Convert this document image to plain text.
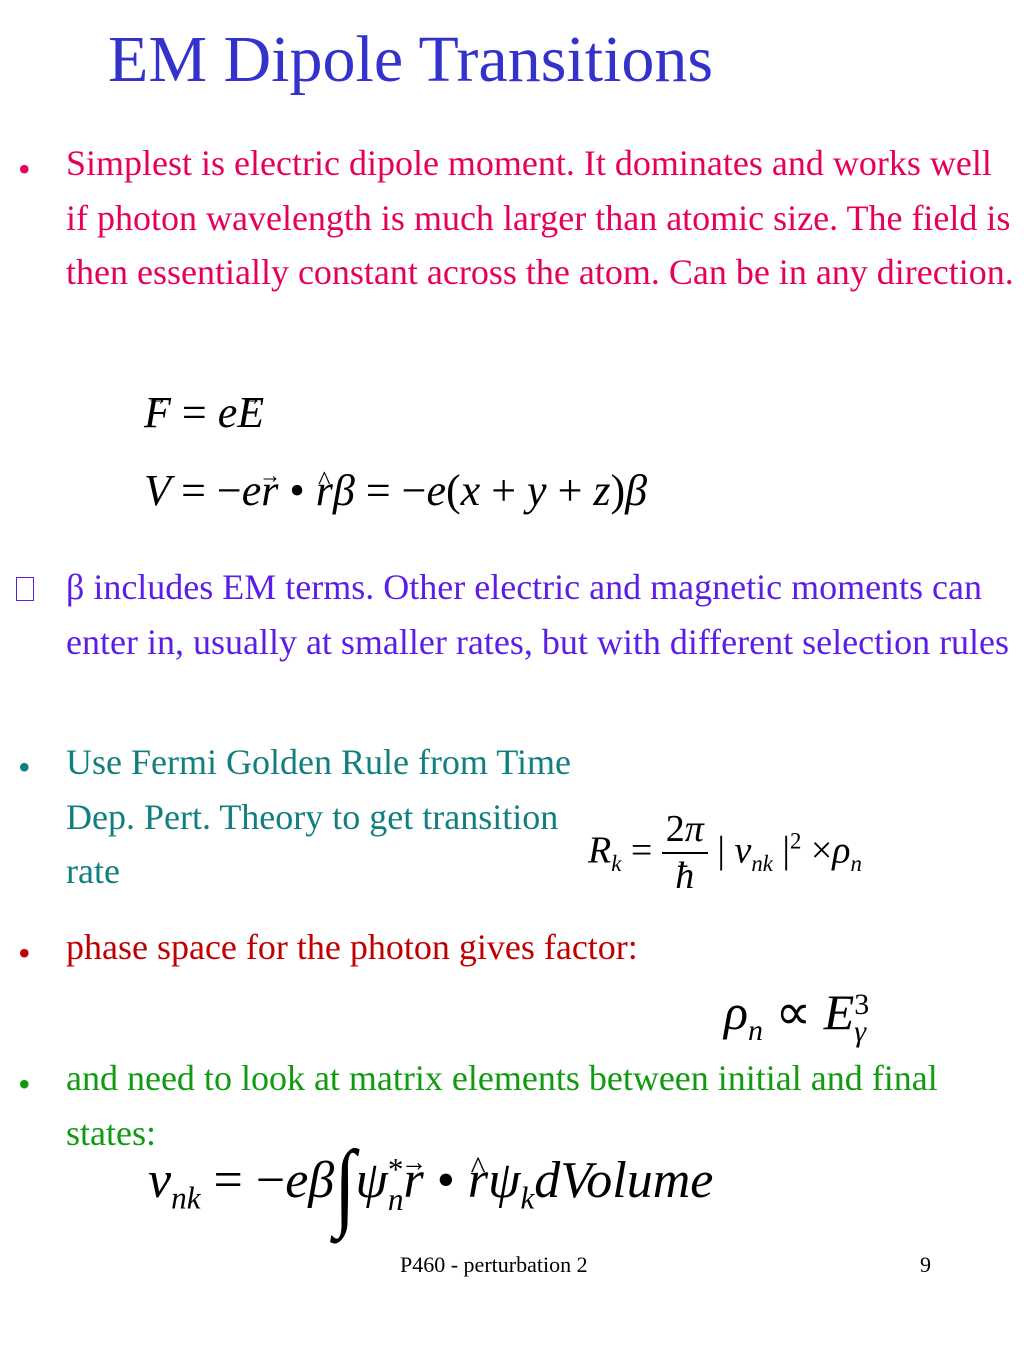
EM Dipole Transitions
• Simplest is electric dipole moment. It dominates and works well if photon wavelength is much larger than atomic size. The field is then essentially constant across the atom. Can be in any direction.
→ F = e→ E
V = −e→ r • ^ rβ = −e(x + y + z)β
β includes EM terms. Other electric and magnetic moments can enter in, usually at smaller rates, but with different selection rules
• Use Fermi Golden Rule from Time Dep. Pert. Theory to get transition rate	$R_k = \frac{2\pi}{ħ}$ | $v_{nk}$ $|^2 \times\rho_n$
• phase space for the photon gives factor:
$\rho_n \propto E$ 3
γ
• and need to look at matrix elements between initial and final states:
$v_{nk} = -e\beta\int\psi$ *
n → r • ^ $r\psi_kdVolume$
P460 - perturbation 2	9
